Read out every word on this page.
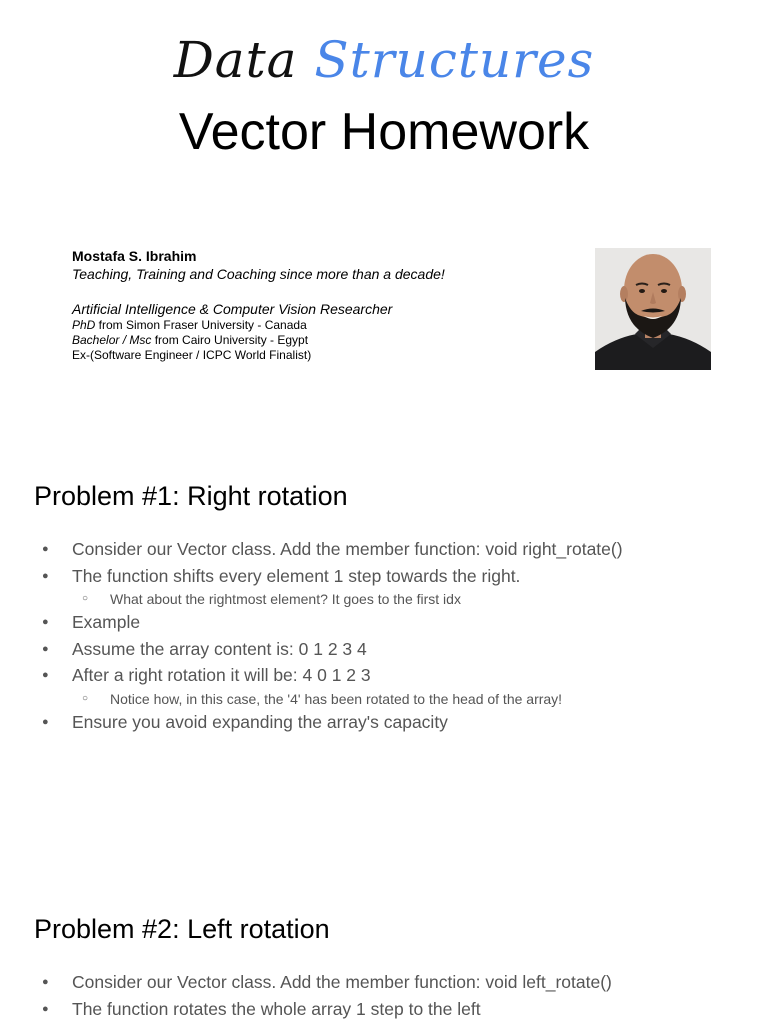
Data Structures
Vector Homework
Mostafa S. Ibrahim
Teaching, Training and Coaching since more than a decade!
Artificial Intelligence & Computer Vision Researcher
PhD from Simon Fraser University - Canada
Bachelor / Msc from Cairo University - Egypt
Ex-(Software Engineer / ICPC World Finalist)
Problem #1: Right rotation
● Consider our Vector class. Add the member function: void right_rotate()
● The function shifts every element 1 step towards the right.
○ What about the rightmost element? It goes to the first idx
● Example
● Assume the array content is: 0 1 2 3 4
● After a right rotation it will be: 4 0 1 2 3
○ Notice how, in this case, the '4' has been rotated to the head of the array!
● Ensure you avoid expanding the array's capacity
Problem #2: Left rotation
● Consider our Vector class. Add the member function: void left_rotate()
● The function rotates the whole array 1 step to the left
